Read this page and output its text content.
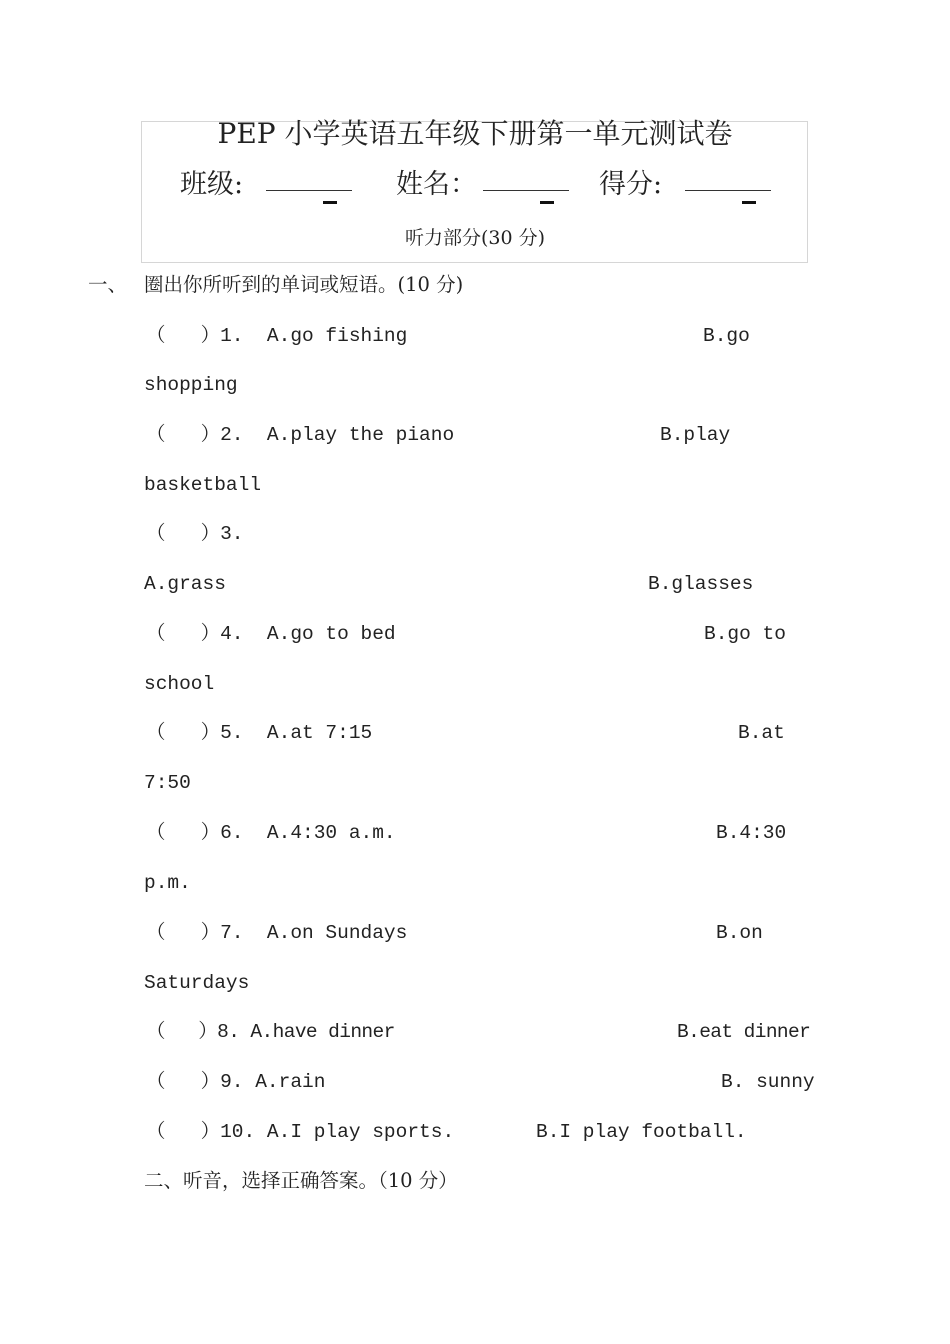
PEP 小学英语五年级下册第一单元测试卷
班级:	姓名：	得分:
听力部分(30 分)
一、 圈出你所听到的单词或短语。(10 分)
（   ）1.  A.go fishing	B.go
shopping
（   ）2.  A.play the piano	B.play
basketball
（   ）3.
A.grass	B.glasses
（   ）4.  A.go to bed	B.go to
school
（   ）5.  A.at 7:15	B.at
7:50
（   ）6.  A.4:30 a.m.	B.4:30
p.m.
（   ）7.  A.on Sundays	B.on
Saturdays
（   ）8. A.have dinner	B.eat dinner
（   ）9. A.rain	B. sunny
（   ）10. A.I play sports.	B.I play football.
二、听音，选择正确答案。（10 分）
